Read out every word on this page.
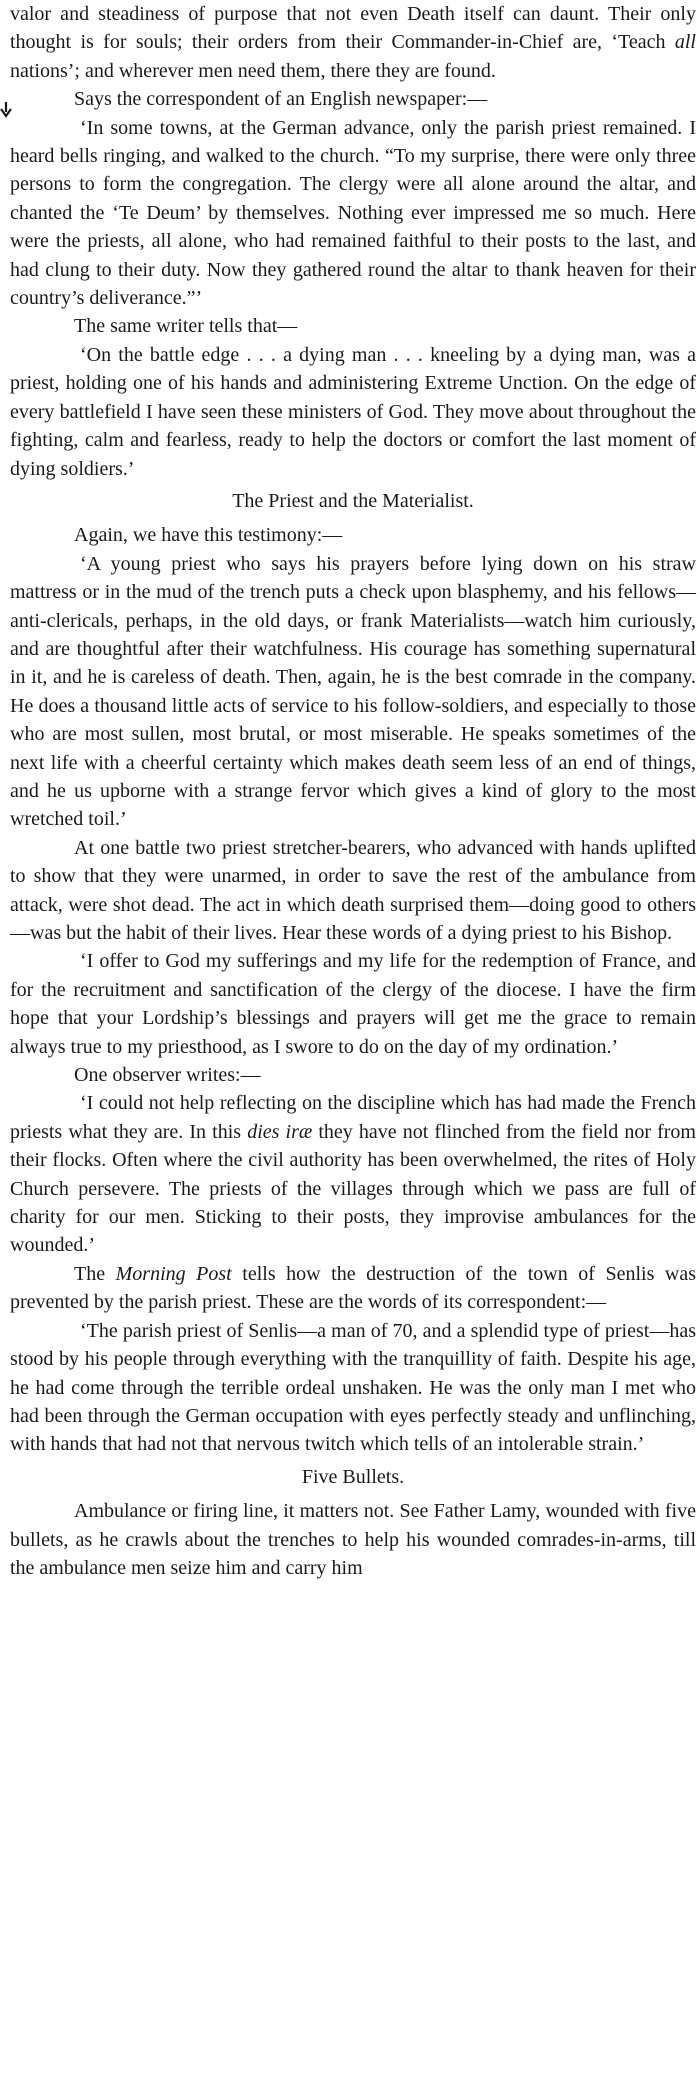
valor and steadiness of purpose that not even Death itself can daunt. Their only thought is for souls; their orders from their Commander-in-Chief are, ‘Teach all nations’; and wherever men need them, there they are found.

Says the correspondent of an English newspaper:—

‘In some towns, at the German advance, only the parish priest remained. I heard bells ringing, and walked to the church. “To my surprise, there were only three persons to form the congregation. The clergy were all alone around the altar, and chanted the ‘Te Deum’ by themselves. Nothing ever impressed me so much. Here were the priests, all alone, who had remained faithful to their posts to the last, and had clung to their duty. Now they gathered round the altar to thank heaven for their country’s deliverance.”’

The same writer tells that—

‘On the battle edge . . . a dying man . . . kneeling by a dying man, was a priest, holding one of his hands and administering Extreme Unction. On the edge of every battlefield I have seen these ministers of God. They move about throughout the fighting, calm and fearless, ready to help the doctors or comfort the last moment of dying soldiers.’

The Priest and the Materialist.

Again, we have this testimony:—

‘A young priest who says his prayers before lying down on his straw mattress or in the mud of the trench puts a check upon blasphemy, and his fellows—anti-clericals, perhaps, in the old days, or frank Materialists—watch him curiously, and are thoughtful after their watchfulness. His courage has something supernatural in it, and he is careless of death. Then, again, he is the best comrade in the company. He does a thousand little acts of service to his follow-soldiers, and especially to those who are most sullen, most brutal, or most miserable. He speaks sometimes of the next life with a cheerful certainty which makes death seem less of an end of things, and he us upborne with a strange fervor which gives a kind of glory to the most wretched toil.’

At one battle two priest stretcher-bearers, who advanced with hands uplifted to show that they were unarmed, in order to save the rest of the ambulance from attack, were shot dead. The act in which death surprised them—doing good to others—was but the habit of their lives. Hear these words of a dying priest to his Bishop.

‘I offer to God my sufferings and my life for the redemption of France, and for the recruitment and sanctification of the clergy of the diocese. I have the firm hope that your Lordship’s blessings and prayers will get me the grace to remain always true to my priesthood, as I swore to do on the day of my ordination.’

One observer writes:—

‘I could not help reflecting on the discipline which has had made the French priests what they are. In this dies iræ they have not flinched from the field nor from their flocks. Often where the civil authority has been overwhelmed, the rites of Holy Church persevere. The priests of the villages through which we pass are full of charity for our men. Sticking to their posts, they improvise ambulances for the wounded.’

The Morning Post tells how the destruction of the town of Senlis was prevented by the parish priest. These are the words of its correspondent:—

‘The parish priest of Senlis—a man of 70, and a splendid type of priest—has stood by his people through everything with the tranquillity of faith. Despite his age, he had come through the terrible ordeal unshaken. He was the only man I met who had been through the German occupation with eyes perfectly steady and unflinching, with hands that had not that nervous twitch which tells of an intolerable strain.’

Five Bullets.

Ambulance or firing line, it matters not. See Father Lamy, wounded with five bullets, as he crawls about the trenches to help his wounded comrades-in-arms, till the ambulance men seize him and carry him
